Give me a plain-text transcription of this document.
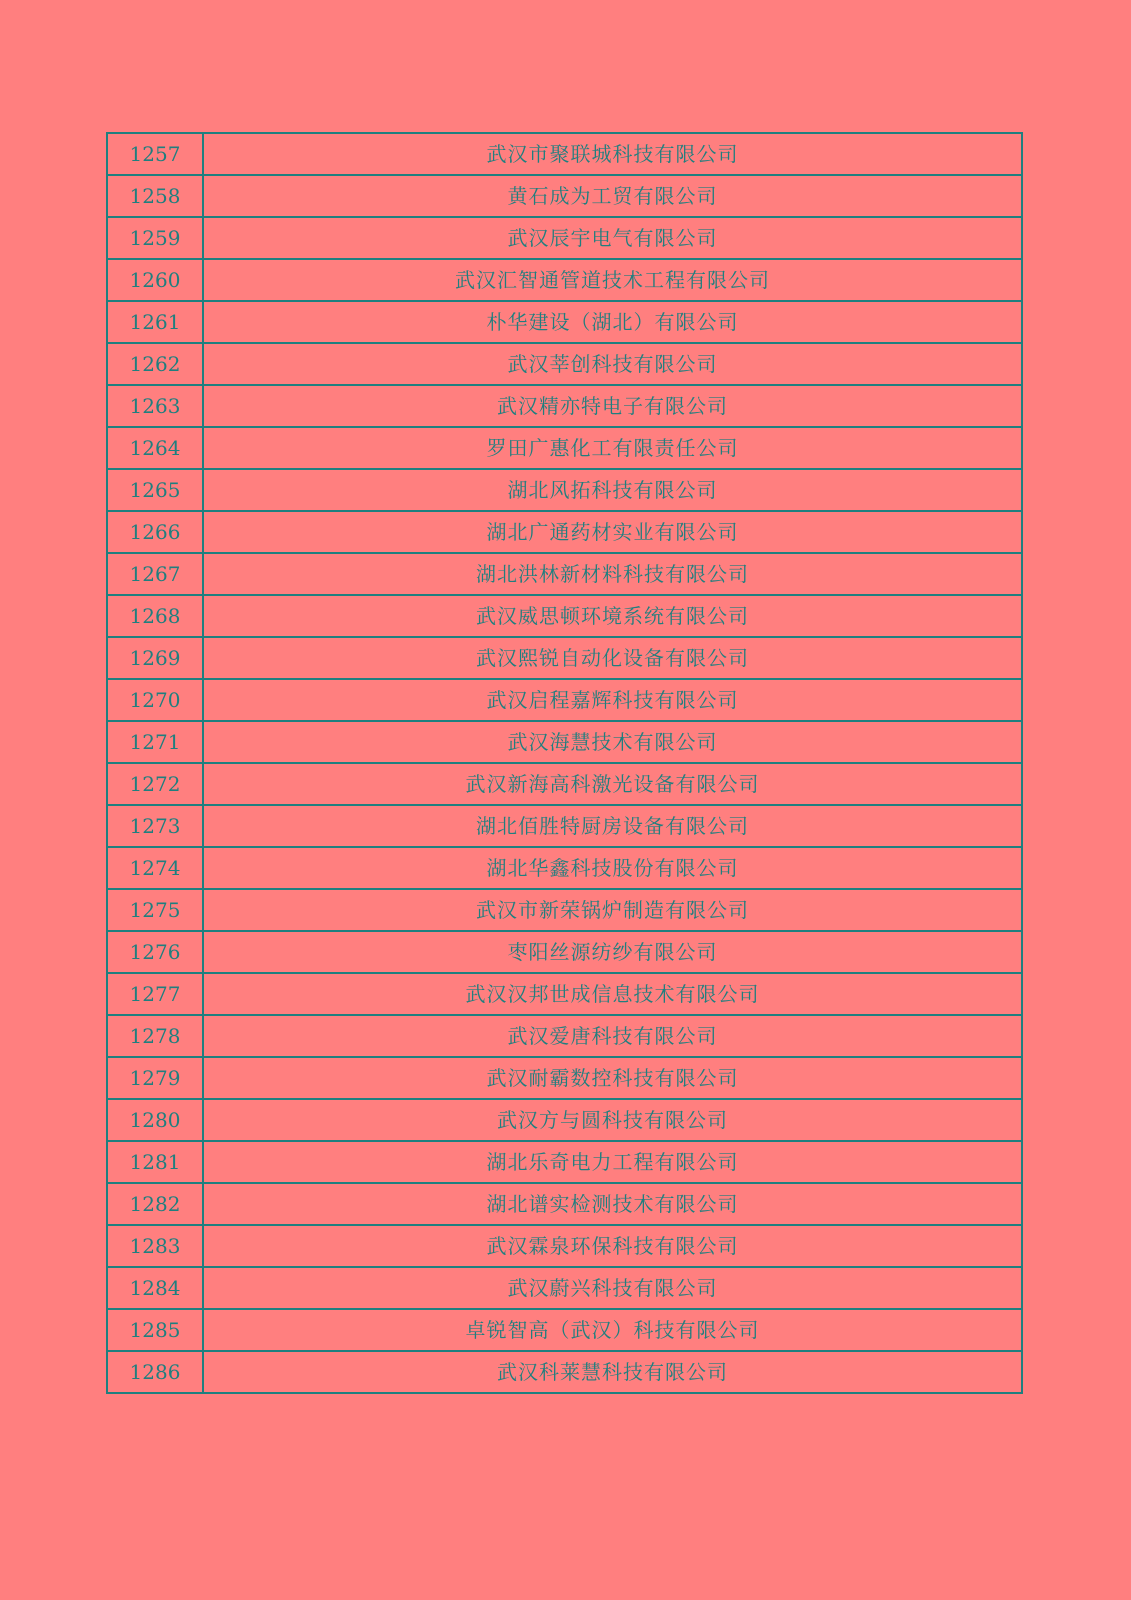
1257	武汉市聚联城科技有限公司
1258	黄石成为工贸有限公司
1259	武汉辰宇电气有限公司
1260	武汉汇智通管道技术工程有限公司
1261	朴华建设（湖北）有限公司
1262	武汉莘创科技有限公司
1263	武汉精亦特电子有限公司
1264	罗田广惠化工有限责任公司
1265	湖北风拓科技有限公司
1266	湖北广通药材实业有限公司
1267	湖北洪林新材料科技有限公司
1268	武汉威思顿环境系统有限公司
1269	武汉熙锐自动化设备有限公司
1270	武汉启程嘉辉科技有限公司
1271	武汉海慧技术有限公司
1272	武汉新海高科激光设备有限公司
1273	湖北佰胜特厨房设备有限公司
1274	湖北华鑫科技股份有限公司
1275	武汉市新荣锅炉制造有限公司
1276	枣阳丝源纺纱有限公司
1277	武汉汉邦世成信息技术有限公司
1278	武汉爱唐科技有限公司
1279	武汉耐霸数控科技有限公司
1280	武汉方与圆科技有限公司
1281	湖北乐奇电力工程有限公司
1282	湖北谱实检测技术有限公司
1283	武汉霖泉环保科技有限公司
1284	武汉蔚兴科技有限公司
1285	卓锐智高（武汉）科技有限公司
1286	武汉科莱慧科技有限公司
